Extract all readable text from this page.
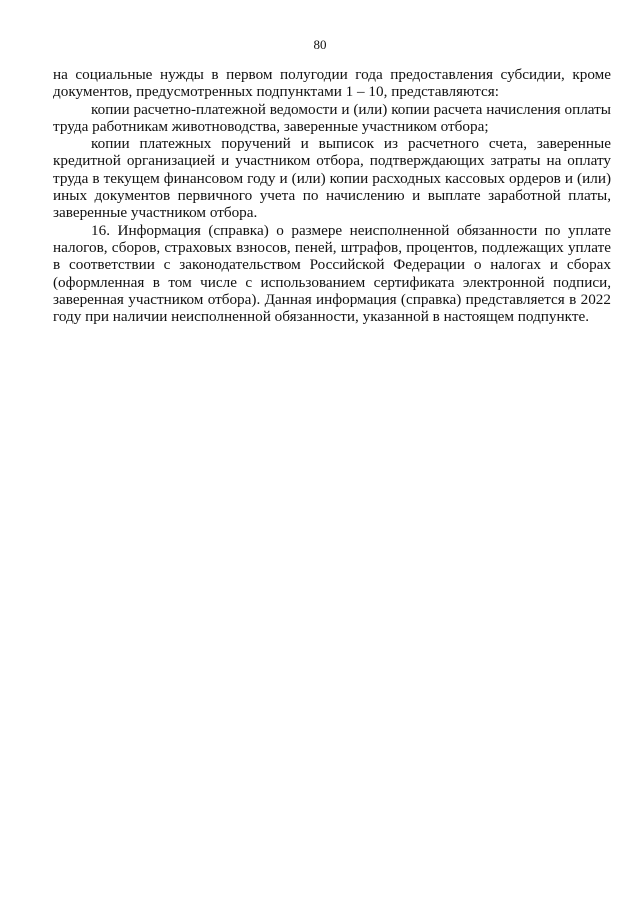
80

на социальные нужды в первом полугодии года предоставления субсидии, кроме документов, предусмотренных подпунктами 1 – 10, представляются:

копии расчетно-платежной ведомости и (или) копии расчета начисления оплаты труда работникам животноводства, заверенные участником отбора;

копии платежных поручений и выписок из расчетного счета, заверенные кредитной организацией и участником отбора, подтверждающих затраты на оплату труда в текущем финансовом году и (или) копии расходных кассовых ордеров и (или) иных документов первичного учета по начислению и выплате заработной платы, заверенные участником отбора.

16. Информация (справка) о размере неисполненной обязанности по уплате налогов, сборов, страховых взносов, пеней, штрафов, процентов, подлежащих уплате в соответствии с законодательством Российской Федерации о налогах и сборах (оформленная в том числе с использованием сертификата электронной подписи, заверенная участником отбора). Данная информация (справка) представляется в 2022 году при наличии неисполненной обязанности, указанной в настоящем подпункте.
